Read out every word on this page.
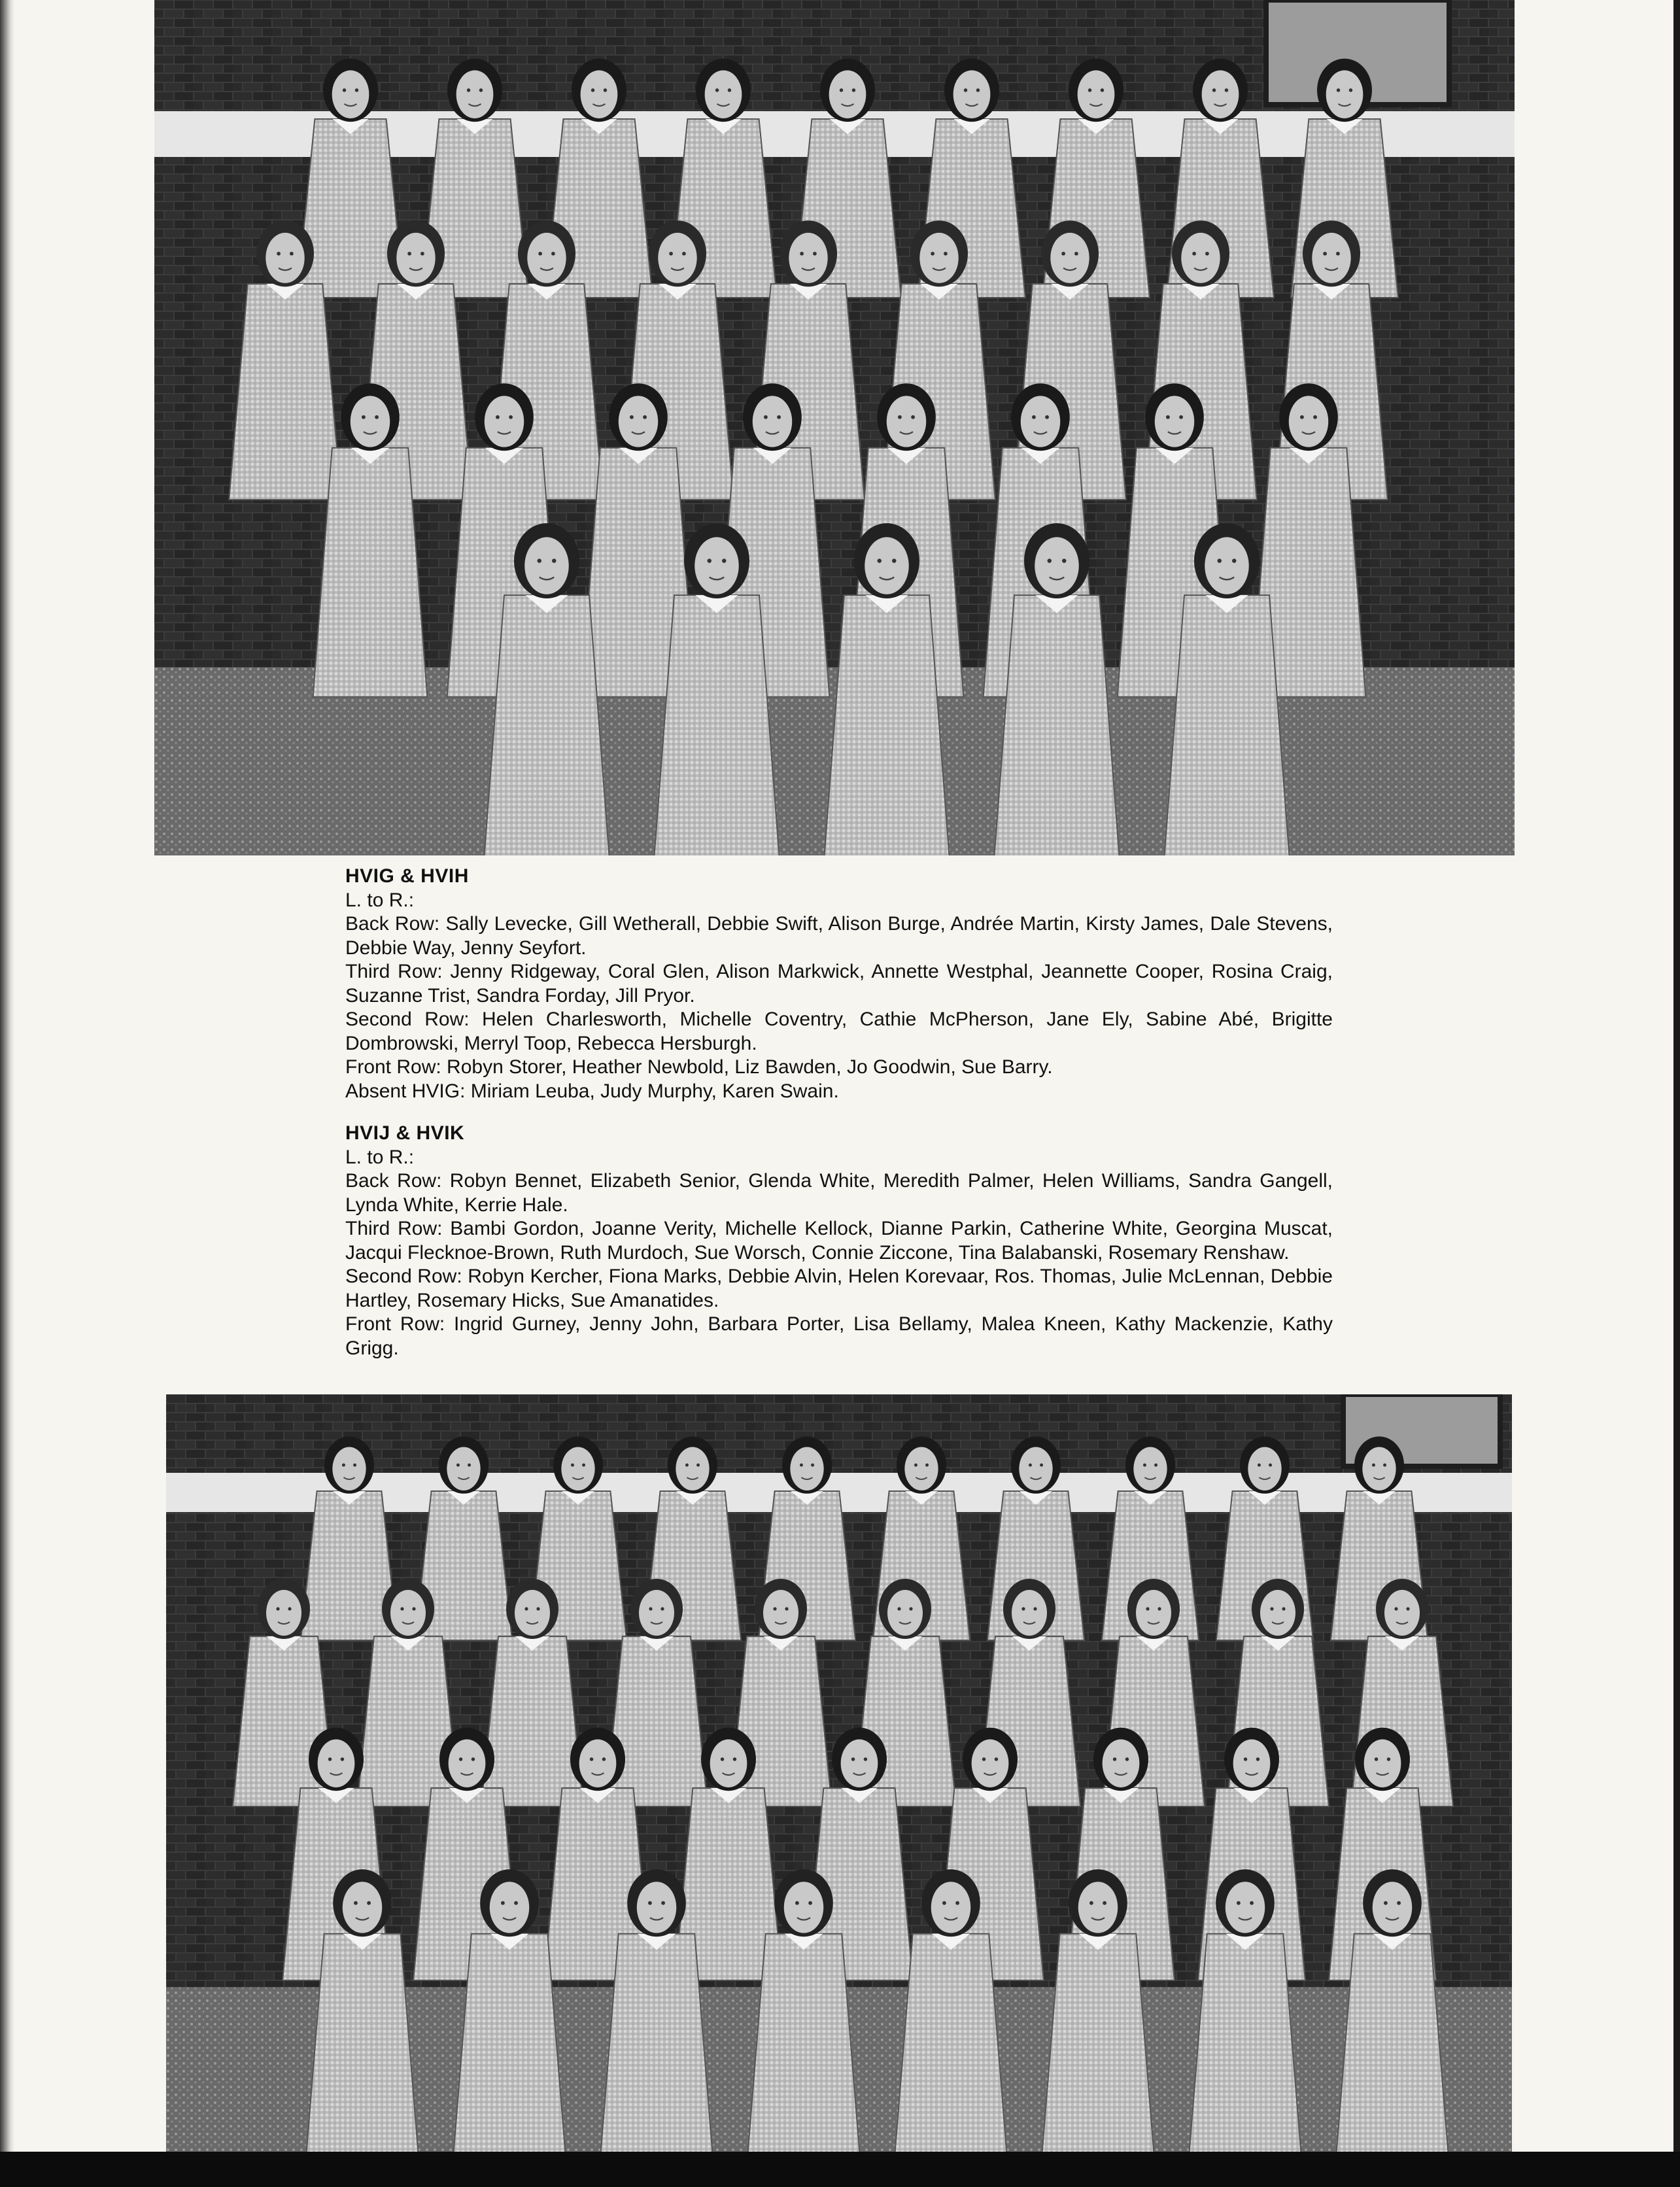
HVIG & HVIH
L. to R.:
Back Row: Sally Levecke, Gill Wetherall, Debbie Swift, Alison Burge, Andrée Martin, Kirsty James, Dale Stevens, Debbie Way, Jenny Seyfort.
Third Row: Jenny Ridgeway, Coral Glen, Alison Markwick, Annette Westphal, Jeannette Cooper, Rosina Craig, Suzanne Trist, Sandra Forday, Jill Pryor.
Second Row: Helen Charlesworth, Michelle Coventry, Cathie McPherson, Jane Ely, Sabine Abé, Brigitte Dombrowski, Merryl Toop, Rebecca Hersburgh.
Front Row: Robyn Storer, Heather Newbold, Liz Bawden, Jo Goodwin, Sue Barry.
Absent HVIG: Miriam Leuba, Judy Murphy, Karen Swain.
HVIJ & HVIK
L. to R.:
Back Row: Robyn Bennet, Elizabeth Senior, Glenda White, Meredith Palmer, Helen Williams, Sandra Gangell, Lynda White, Kerrie Hale.
Third Row: Bambi Gordon, Joanne Verity, Michelle Kellock, Dianne Parkin, Catherine White, Georgina Muscat, Jacqui Flecknoe-Brown, Ruth Murdoch, Sue Worsch, Connie Ziccone, Tina Balabanski, Rosemary Renshaw.
Second Row: Robyn Kercher, Fiona Marks, Debbie Alvin, Helen Korevaar, Ros. Thomas, Julie McLennan, Debbie Hartley, Rosemary Hicks, Sue Amanatides.
Front Row: Ingrid Gurney, Jenny John, Barbara Porter, Lisa Bellamy, Malea Kneen, Kathy Mackenzie, Kathy Grigg.
